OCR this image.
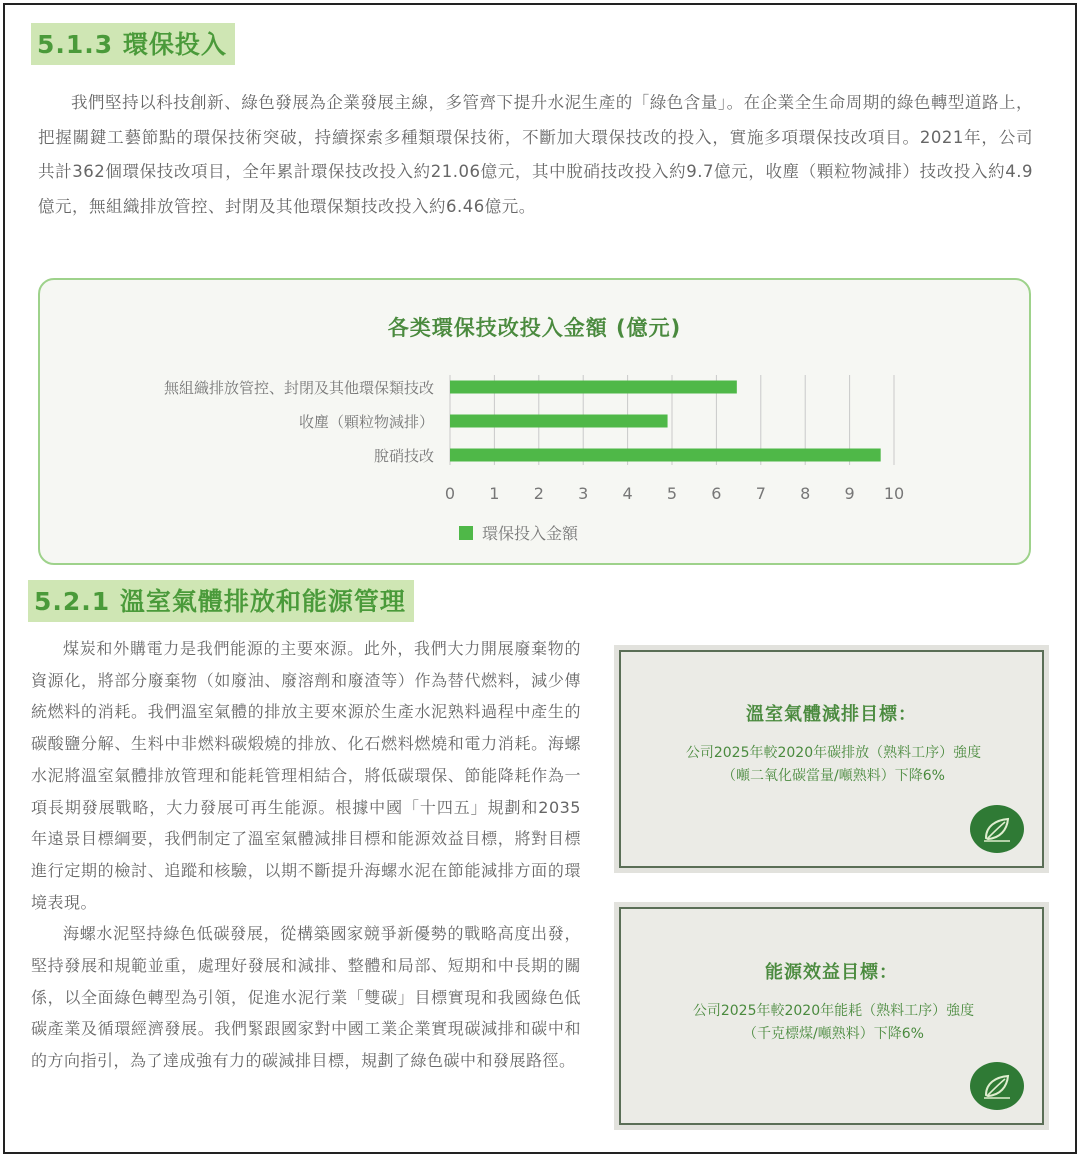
5.1.3 環保投入

我們堅持以科技創新、綠色發展為企業發展主線，多管齊下提升水泥生產的「綠色含量」。在企業全生命周期的綠色轉型道路上，把握關鍵工藝節點的環保技術突破，持續探索多種類環保技術，不斷加大環保技改的投入，實施多項環保技改項目。2021年，公司共計362個環保技改項目，全年累計環保技改投入約21.06億元，其中脫硝技改投入約9.7億元，收塵（顆粒物減排）技改投入約4.9億元，無組織排放管控、封閉及其他環保類技改投入約6.46億元。

各类環保技改投入金額 (億元)
0 1 2 3 4 5 6 7 8 9 10
無組織排放管控、封閉及其他環保類技改
收塵（顆粒物減排）
脫硝技改
環保投入金額
5.2.1 溫室氣體排放和能源管理

煤炭和外購電力是我們能源的主要來源。此外，我們大力開展廢棄物的資源化，將部分廢棄物（如廢油、廢溶劑和廢渣等）作為替代燃料，減少傳統燃料的消耗。我們溫室氣體的排放主要來源於生產水泥熟料過程中產生的碳酸鹽分解、生料中非燃料碳煅燒的排放、化石燃料燃燒和電力消耗。海螺水泥將溫室氣體排放管理和能耗管理相結合，將低碳環保、節能降耗作為一項長期發展戰略，大力發展可再生能源。根據中國「十四五」規劃和2035年遠景目標綱要，我們制定了溫室氣體減排目標和能源效益目標，將對目標進行定期的檢討、追蹤和核驗，以期不斷提升海螺水泥在節能減排方面的環境表現。

海螺水泥堅持綠色低碳發展，從構築國家競爭新優勢的戰略高度出發，堅持發展和規範並重，處理好發展和減排、整體和局部、短期和中長期的關係，以全面綠色轉型為引領，促進水泥行業「雙碳」目標實現和我國綠色低碳產業及循環經濟發展。我們緊跟國家對中國工業企業實現碳減排和碳中和的方向指引，為了達成強有力的碳減排目標，規劃了綠色碳中和發展路徑。

溫室氣體減排目標：
公司2025年較2020年碳排放（熟料工序）強度
（噸二氧化碳當量/噸熟料）下降6%
能源效益目標：
公司2025年較2020年能耗（熟料工序）強度
（千克標煤/噸熟料）下降6%
